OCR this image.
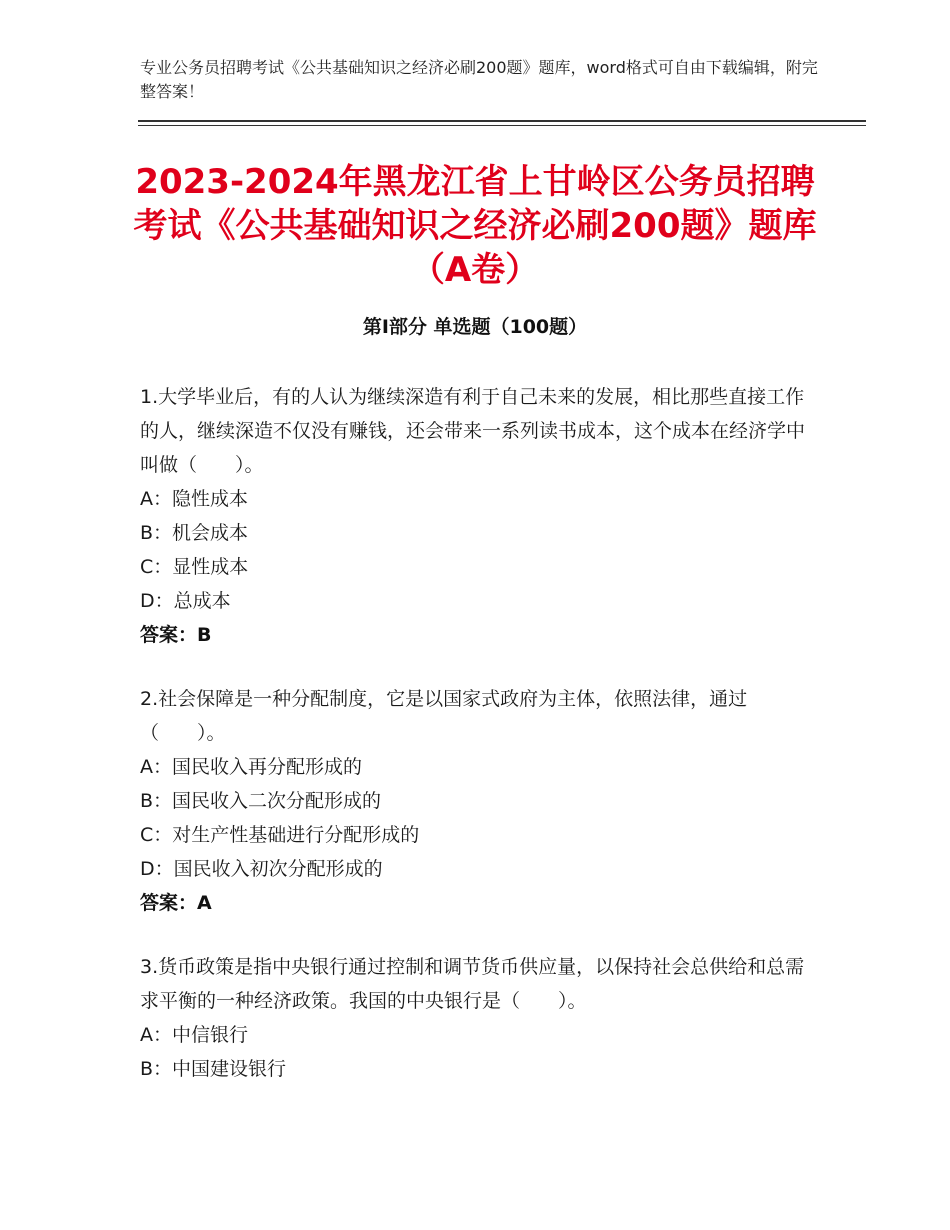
专业公务员招聘考试《公共基础知识之经济必刷200题》题库，word格式可自由下载编辑，附完整答案！
2023-2024年黑龙江省上甘岭区公务员招聘考试《公共基础知识之经济必刷200题》题库（A卷）
第Ⅰ部分 单选题（100题）
1.大学毕业后，有的人认为继续深造有利于自己未来的发展，相比那些直接工作的人，继续深造不仅没有赚钱，还会带来一系列读书成本，这个成本在经济学中叫做（　　）。
A：隐性成本
B：机会成本
C：显性成本
D：总成本
答案：B
2.社会保障是一种分配制度，它是以国家式政府为主体，依照法律，通过（　　）。
A：国民收入再分配形成的
B：国民收入二次分配形成的
C：对生产性基础进行分配形成的
D：国民收入初次分配形成的
答案：A
3.货币政策是指中央银行通过控制和调节货币供应量，以保持社会总供给和总需求平衡的一种经济政策。我国的中央银行是（　　）。
A：中信银行
B：中国建设银行
